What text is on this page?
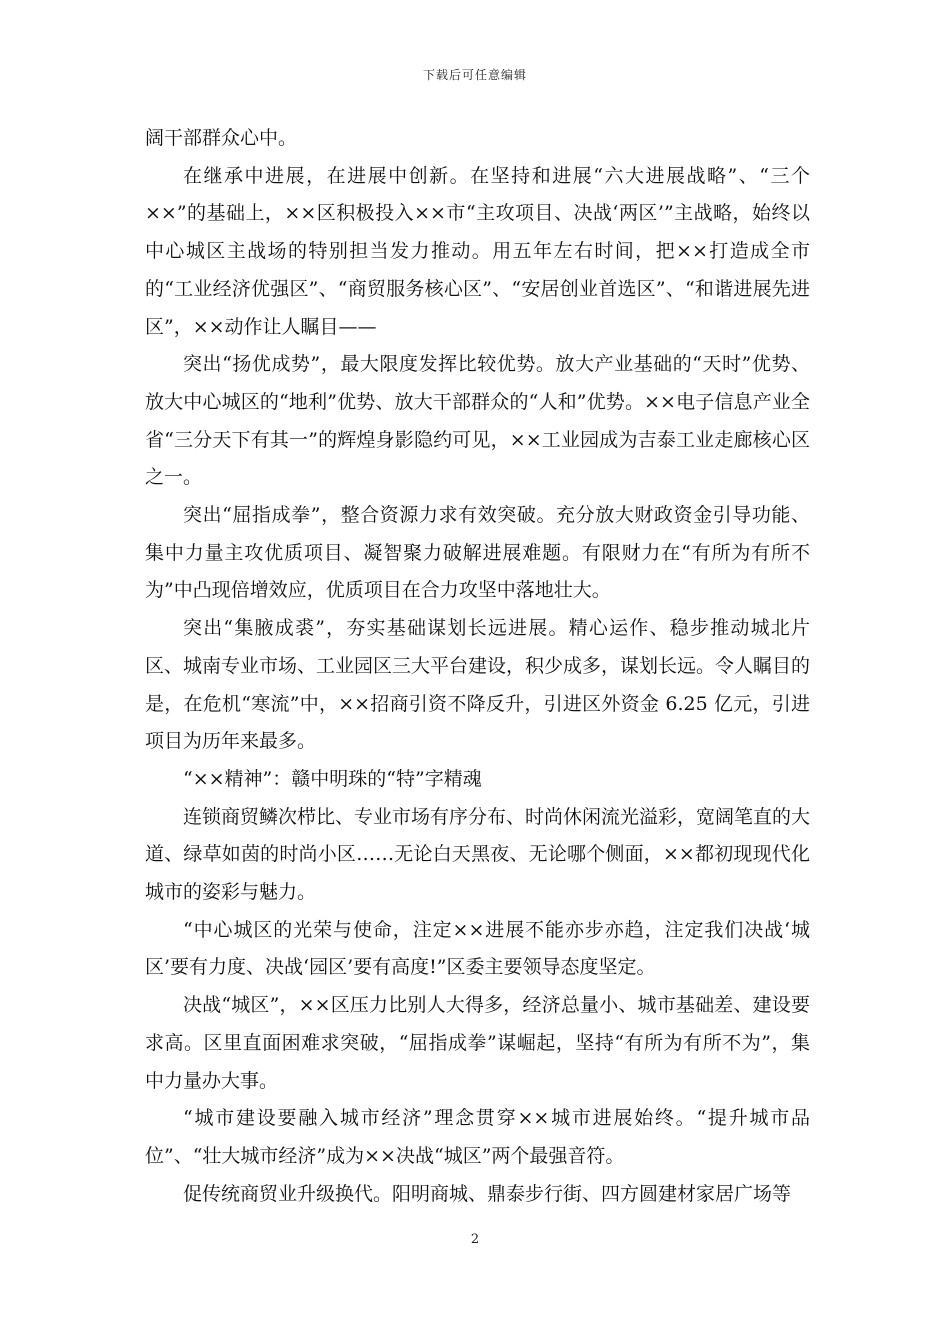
下载后可任意编辑

阔干部群众心中。

在继承中进展，在进展中创新。在坚持和进展“六大进展战略”、“三个××”的基础上，××区积极投入××市“主攻项目、决战‘两区’”主战略，始终以中心城区主战场的特别担当发力推动。用五年左右时间，把××打造成全市的“工业经济优强区”、“商贸服务核心区”、“安居创业首选区”、“和谐进展先进区”，××动作让人瞩目——

突出“扬优成势”，最大限度发挥比较优势。放大产业基础的“天时”优势、放大中心城区的“地利”优势、放大干部群众的“人和”优势。××电子信息产业全省“三分天下有其一”的辉煌身影隐约可见，××工业园成为吉泰工业走廊核心区之一。

突出“屈指成拳”，整合资源力求有效突破。充分放大财政资金引导功能、集中力量主攻优质项目、凝智聚力破解进展难题。有限财力在“有所为有所不为”中凸现倍增效应，优质项目在合力攻坚中落地壮大。

突出“集腋成裘”，夯实基础谋划长远进展。精心运作、稳步推动城北片区、城南专业市场、工业园区三大平台建设，积少成多，谋划长远。令人瞩目的是，在危机“寒流”中，××招商引资不降反升，引进区外资金 6.25 亿元，引进项目为历年来最多。

“××精神”：赣中明珠的“特”字精魂

连锁商贸鳞次栉比、专业市场有序分布、时尚休闲流光溢彩，宽阔笔直的大道、绿草如茵的时尚小区……无论白天黑夜、无论哪个侧面，××都初现现代化城市的姿彩与魅力。

“中心城区的光荣与使命，注定××进展不能亦步亦趋，注定我们决战‘城区’要有力度、决战‘园区’要有高度!”区委主要领导态度坚定。

决战“城区”，××区压力比别人大得多，经济总量小、城市基础差、建设要求高。区里直面困难求突破，“屈指成拳”谋崛起，坚持“有所为有所不为”，集中力量办大事。

“城市建设要融入城市经济”理念贯穿××城市进展始终。“提升城市品位”、“壮大城市经济”成为××决战“城区”两个最强音符。

促传统商贸业升级换代。阳明商城、鼎泰步行街、四方圆建材家居广场等

2
